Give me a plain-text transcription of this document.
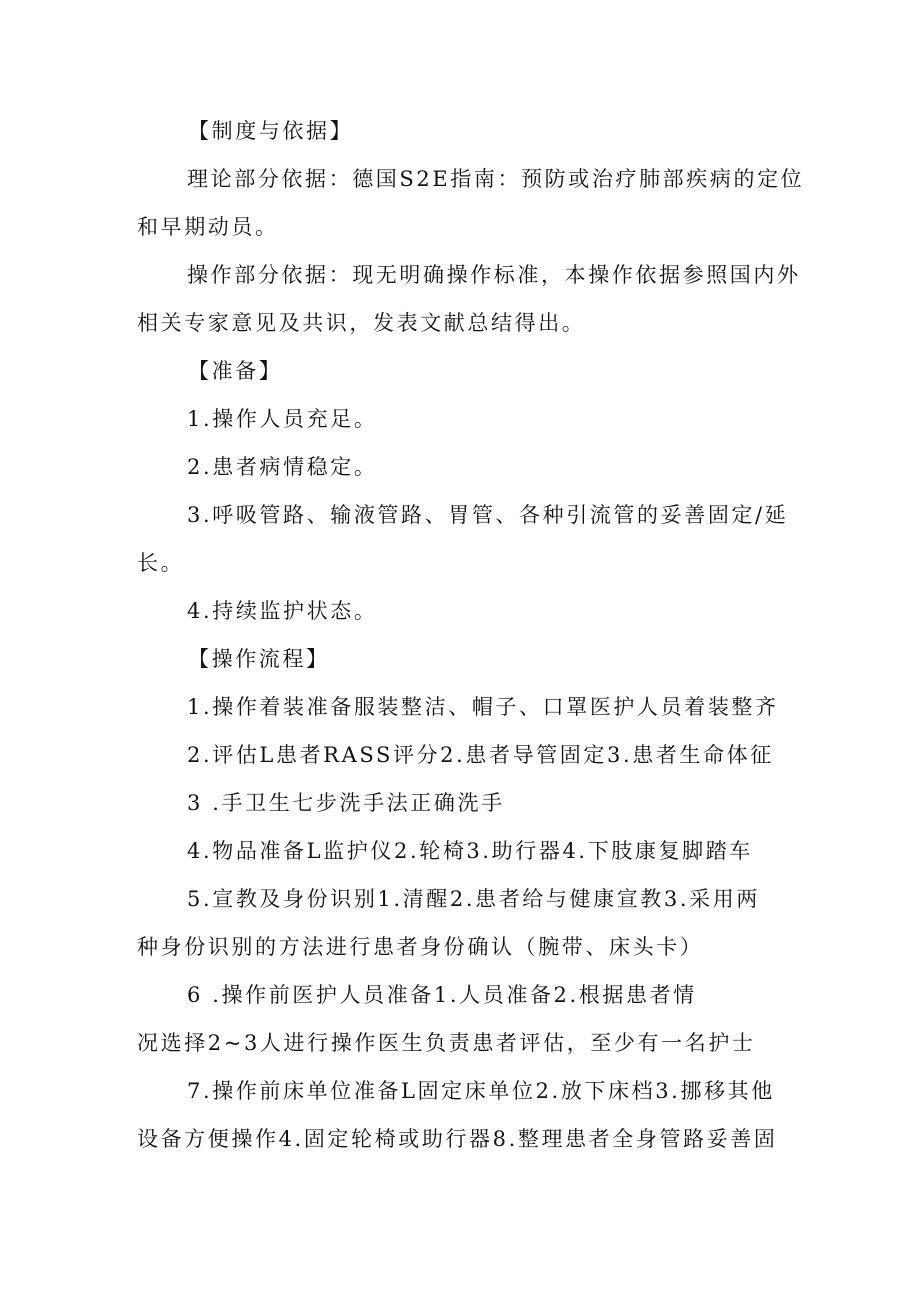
【制度与依据】
理论部分依据：德国S2E指南：预防或治疗肺部疾病的定位
和早期动员。
操作部分依据：现无明确操作标准，本操作依据参照国内外
相关专家意见及共识，发表文献总结得出。
【准备】
1.操作人员充足。
2.患者病情稳定。
3.呼吸管路、输液管路、胃管、各种引流管的妥善固定/延
长。
4.持续监护状态。
【操作流程】
1.操作着装准备服装整洁、帽子、口罩医护人员着装整齐
2.评估L患者RASS评分2.患者导管固定3.患者生命体征
3 .手卫生七步洗手法正确洗手
4.物品准备L监护仪2.轮椅3.助行器4.下肢康复脚踏车
5.宣教及身份识别1.清醒2.患者给与健康宣教3.采用两
种身份识别的方法进行患者身份确认（腕带、床头卡）
6 .操作前医护人员准备1.人员准备2.根据患者情
况选择2~3人进行操作医生负责患者评估，至少有一名护士
7.操作前床单位准备L固定床单位2.放下床档3.挪移其他
设备方便操作4.固定轮椅或助行器8.整理患者全身管路妥善固
